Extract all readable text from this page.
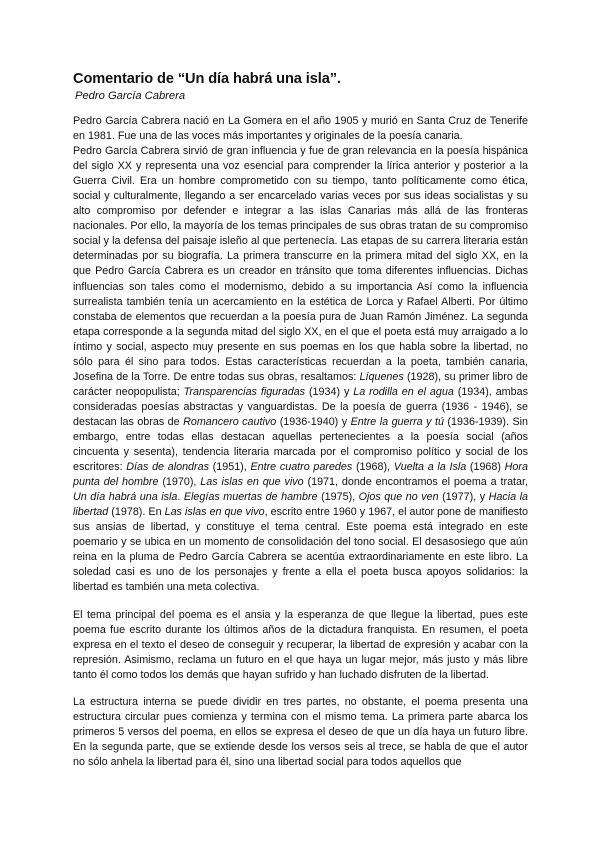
Comentario de “Un día habrá una isla”.
Pedro García Cabrera

Pedro García Cabrera nació en La Gomera en el año 1905 y murió en Santa Cruz de Tenerife en 1981. Fue una de las voces más importantes y originales de la poesía canaria.

Pedro García Cabrera sirvió de gran influencia y fue de gran relevancia en la poesía hispánica del siglo XX y representa una voz esencial para comprender la lírica anterior y posterior a la Guerra Civil. Era un hombre comprometido con su tiempo, tanto políticamente como ética, social y culturalmente, llegando a ser encarcelado varias veces por sus ideas socialistas y su alto compromiso por defender e integrar a las islas Canarias más allá de las fronteras nacionales. Por ello, la mayoría de los temas principales de sus obras tratan de su compromiso social y la defensa del paisaje isleño al que pertenecía. Las etapas de su carrera literaria están determinadas por su biografía. La primera transcurre en la primera mitad del siglo XX, en la que Pedro García Cabrera es un creador en tránsito que toma diferentes influencias. Dichas influencias son tales como el modernismo, debido a su importancia Así como la influencia surrealista también tenía un acercamiento en la estética de Lorca y Rafael Alberti. Por último constaba de elementos que recuerdan a la poesía pura de Juan Ramón Jiménez. La segunda etapa corresponde a la segunda mitad del siglo XX, en el que el poeta está muy arraigado a lo íntimo y social, aspecto muy presente en sus poemas en los que habla sobre la libertad, no sólo para él sino para todos. Estas características recuerdan a la poeta, también canaria, Josefina de la Torre. De entre todas sus obras, resaltamos: Líquenes (1928), su primer libro de carácter neopopulista; Transparencias figuradas (1934) y La rodilla en el agua (1934), ambas consideradas poesías abstractas y vanguardistas. De la poesía de guerra (1936 - 1946), se destacan las obras de Romancero cautivo (1936-1940) y Entre la guerra y tú (1936-1939). Sin embargo, entre todas ellas destacan aquellas pertenecientes a la poesía social (años cincuenta y sesenta), tendencia literaria marcada por el compromiso político y social de los escritores: Días de alondras (1951), Entre cuatro paredes (1968), Vuelta a la Isla (1968) Hora punta del hombre (1970), Las islas en que vivo (1971, donde encontramos el poema a tratar, Un día habrá una isla. Elegías muertas de hambre (1975), Ojos que no ven (1977), y Hacia la libertad (1978). En Las islas en que vivo, escrito entre 1960 y 1967, el autor pone de manifiesto sus ansias de libertad, y constituye el tema central. Este poema está integrado en este poemario y se ubica en un momento de consolidación del tono social. El desasosiego que aún reina en la pluma de Pedro García Cabrera se acentúa extraordinariamente en este libro. La soledad casi es uno de los personajes y frente a ella el poeta busca apoyos solidarios: la libertad es también una meta colectiva.

El tema principal del poema es el ansia y la esperanza de que llegue la libertad, pues este poema fue escrito durante los últimos años de la dictadura franquista. En resumen, el poeta expresa en el texto el deseo de conseguir y recuperar, la libertad de expresión y acabar con la represión. Asimismo, reclama un futuro en el que haya un lugar mejor, más justo y más libre tanto él como todos los demás que hayan sufrido y han luchado disfruten de la libertad.

La estructura interna se puede dividir en tres partes, no obstante, el poema presenta una estructura circular pues comienza y termina con el mismo tema. La primera parte abarca los primeros 5 versos del poema, en ellos se expresa el deseo de que un día haya un futuro libre. En la segunda parte, que se extiende desde los versos seis al trece, se habla de que el autor no sólo anhela la libertad para él, sino una libertad social para todos aquellos que
